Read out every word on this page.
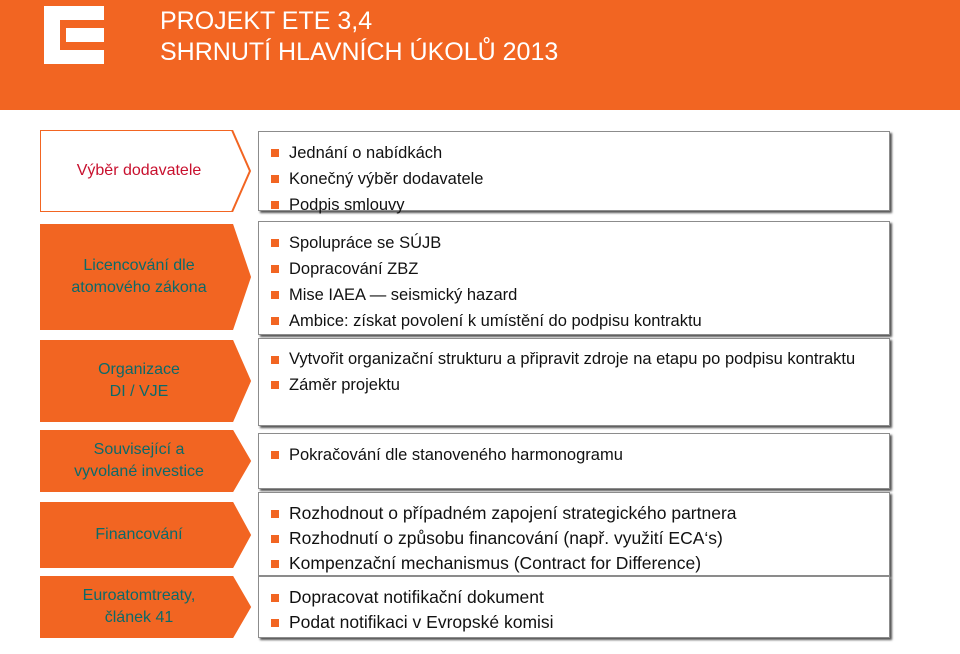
PROJEKT ETE 3,4
SHRNUTÍ HLAVNÍCH ÚKOLŮ 2013
Výběr dodavatele
Jednání o nabídkách
Konečný výběr dodavatele
Podpis smlouvy
Licencování dle
atomového zákona
Spolupráce se SÚJB
Dopracování ZBZ
Mise IAEA — seismický hazard
Ambice: získat povolení k umístění do podpisu kontraktu
Organizace
DI / VJE
Vytvořit organizační strukturu a připravit zdroje na etapu po podpisu kontraktu
Záměr projektu
Související a
vyvolané investice
Pokračování dle stanoveného harmonogramu
Financování
Rozhodnout o případném zapojení strategického partnera
Rozhodnutí o způsobu financování (např. využití ECA‘s)
Kompenzační mechanismus (Contract for Difference)
Euroatomtreaty,
článek 41
Dopracovat notifikační dokument
Podat notifikaci v Evropské komisi
